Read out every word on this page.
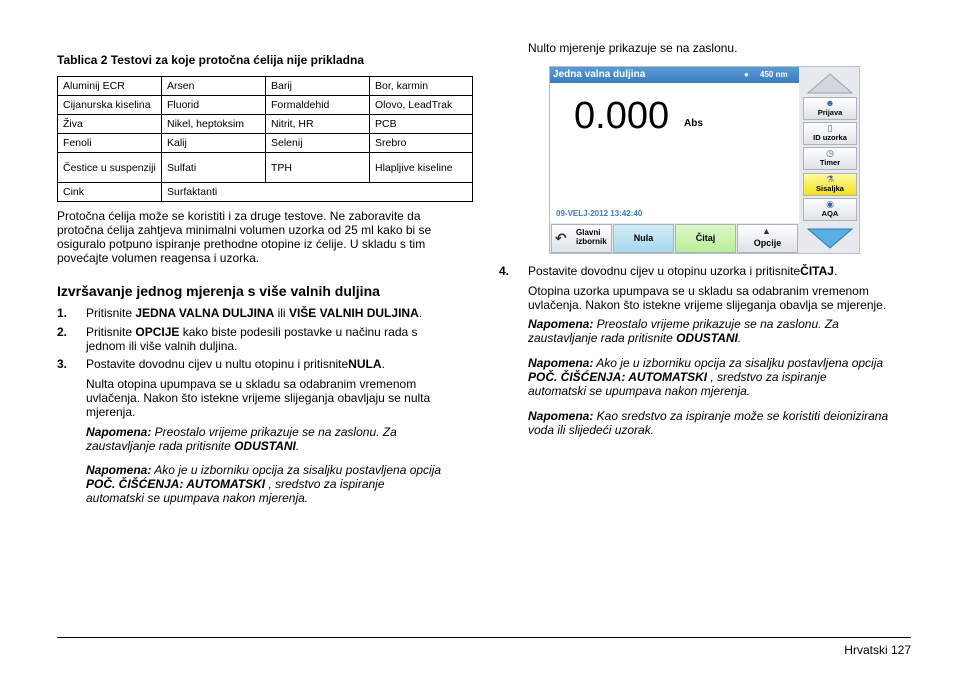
Tablica 2 Testovi za koje protočna ćelija nije prikladna
Aluminij ECR	Arsen	Barij	Bor, karmin
Cijanurska kiselina	Fluorid	Formaldehid	Olovo, LeadTrak
Živa	Nikel, heptoksim	Nitrit, HR	PCB
Fenoli	Kalij	Selenij	Srebro
Čestice u suspenziji	Sulfati	TPH	Hlapljive kiseline
Cink	Surfaktanti		
Protočna ćelija može se koristiti i za druge testove. Ne zaboravite da
protočna ćelija zahtjeva minimalni volumen uzorka od 25 ml kako bi se
osiguralo potpuno ispiranje prethodne otopine iz ćelije. U skladu s tim
povećajte volumen reagensa i uzorka.
Izvršavanje jednog mjerenja s više valnih duljina
1. Pritisnite JEDNA VALNA DULJINA ili VIŠE VALNIH DULJINA.
2. Pritisnite OPCIJE kako biste podesili postavke u načinu rada s
jednom ili više valnih duljina.
3. Postavite dovodnu cijev u nultu otopinu i pritisniteNULA.
Nulta otopina upumpava se u skladu sa odabranim vremenom
uvlačenja. Nakon što istekne vrijeme slijeganja obavljaju se nulta
mjerenja.
Napomena: Preostalo vrijeme prikazuje se na zaslonu. Za
zaustavljanje rada pritisnite ODUSTANI.
Napomena: Ako je u izborniku opcija za sisaljku postavljena opcija
POČ. ČIŠĆENJA: AUTOMATSKI , sredstvo za ispiranje
automatski se upumpava nakon mjerenja.
Nulto mjerenje prikazuje se na zaslonu.
Jedna valna duljina	● 450 nm
0.000 Abs
09-VELJ-2012 13:42:40
☻
Prijava
▯
ID uzorka
◷
Timer
⚗
Sisaljka
◉
AQA
↶ Glavni
izbornik	Nula	Čitaj
▲
Opcije
4. Postavite dovodnu cijev u otopinu uzorka i pritisniteČITAJ.
Otopina uzorka upumpava se u skladu sa odabranim vremenom
uvlačenja. Nakon što istekne vrijeme slijeganja obavlja se mjerenje.
Napomena: Preostalo vrijeme prikazuje se na zaslonu. Za
zaustavljanje rada pritisnite ODUSTANI.
Napomena: Ako je u izborniku opcija za sisaljku postavljena opcija
POČ. ČIŠĆENJA: AUTOMATSKI , sredstvo za ispiranje
automatski se upumpava nakon mjerenja.
Napomena: Kao sredstvo za ispiranje može se koristiti deionizirana
voda ili slijedeći uzorak.
Hrvatski 127
